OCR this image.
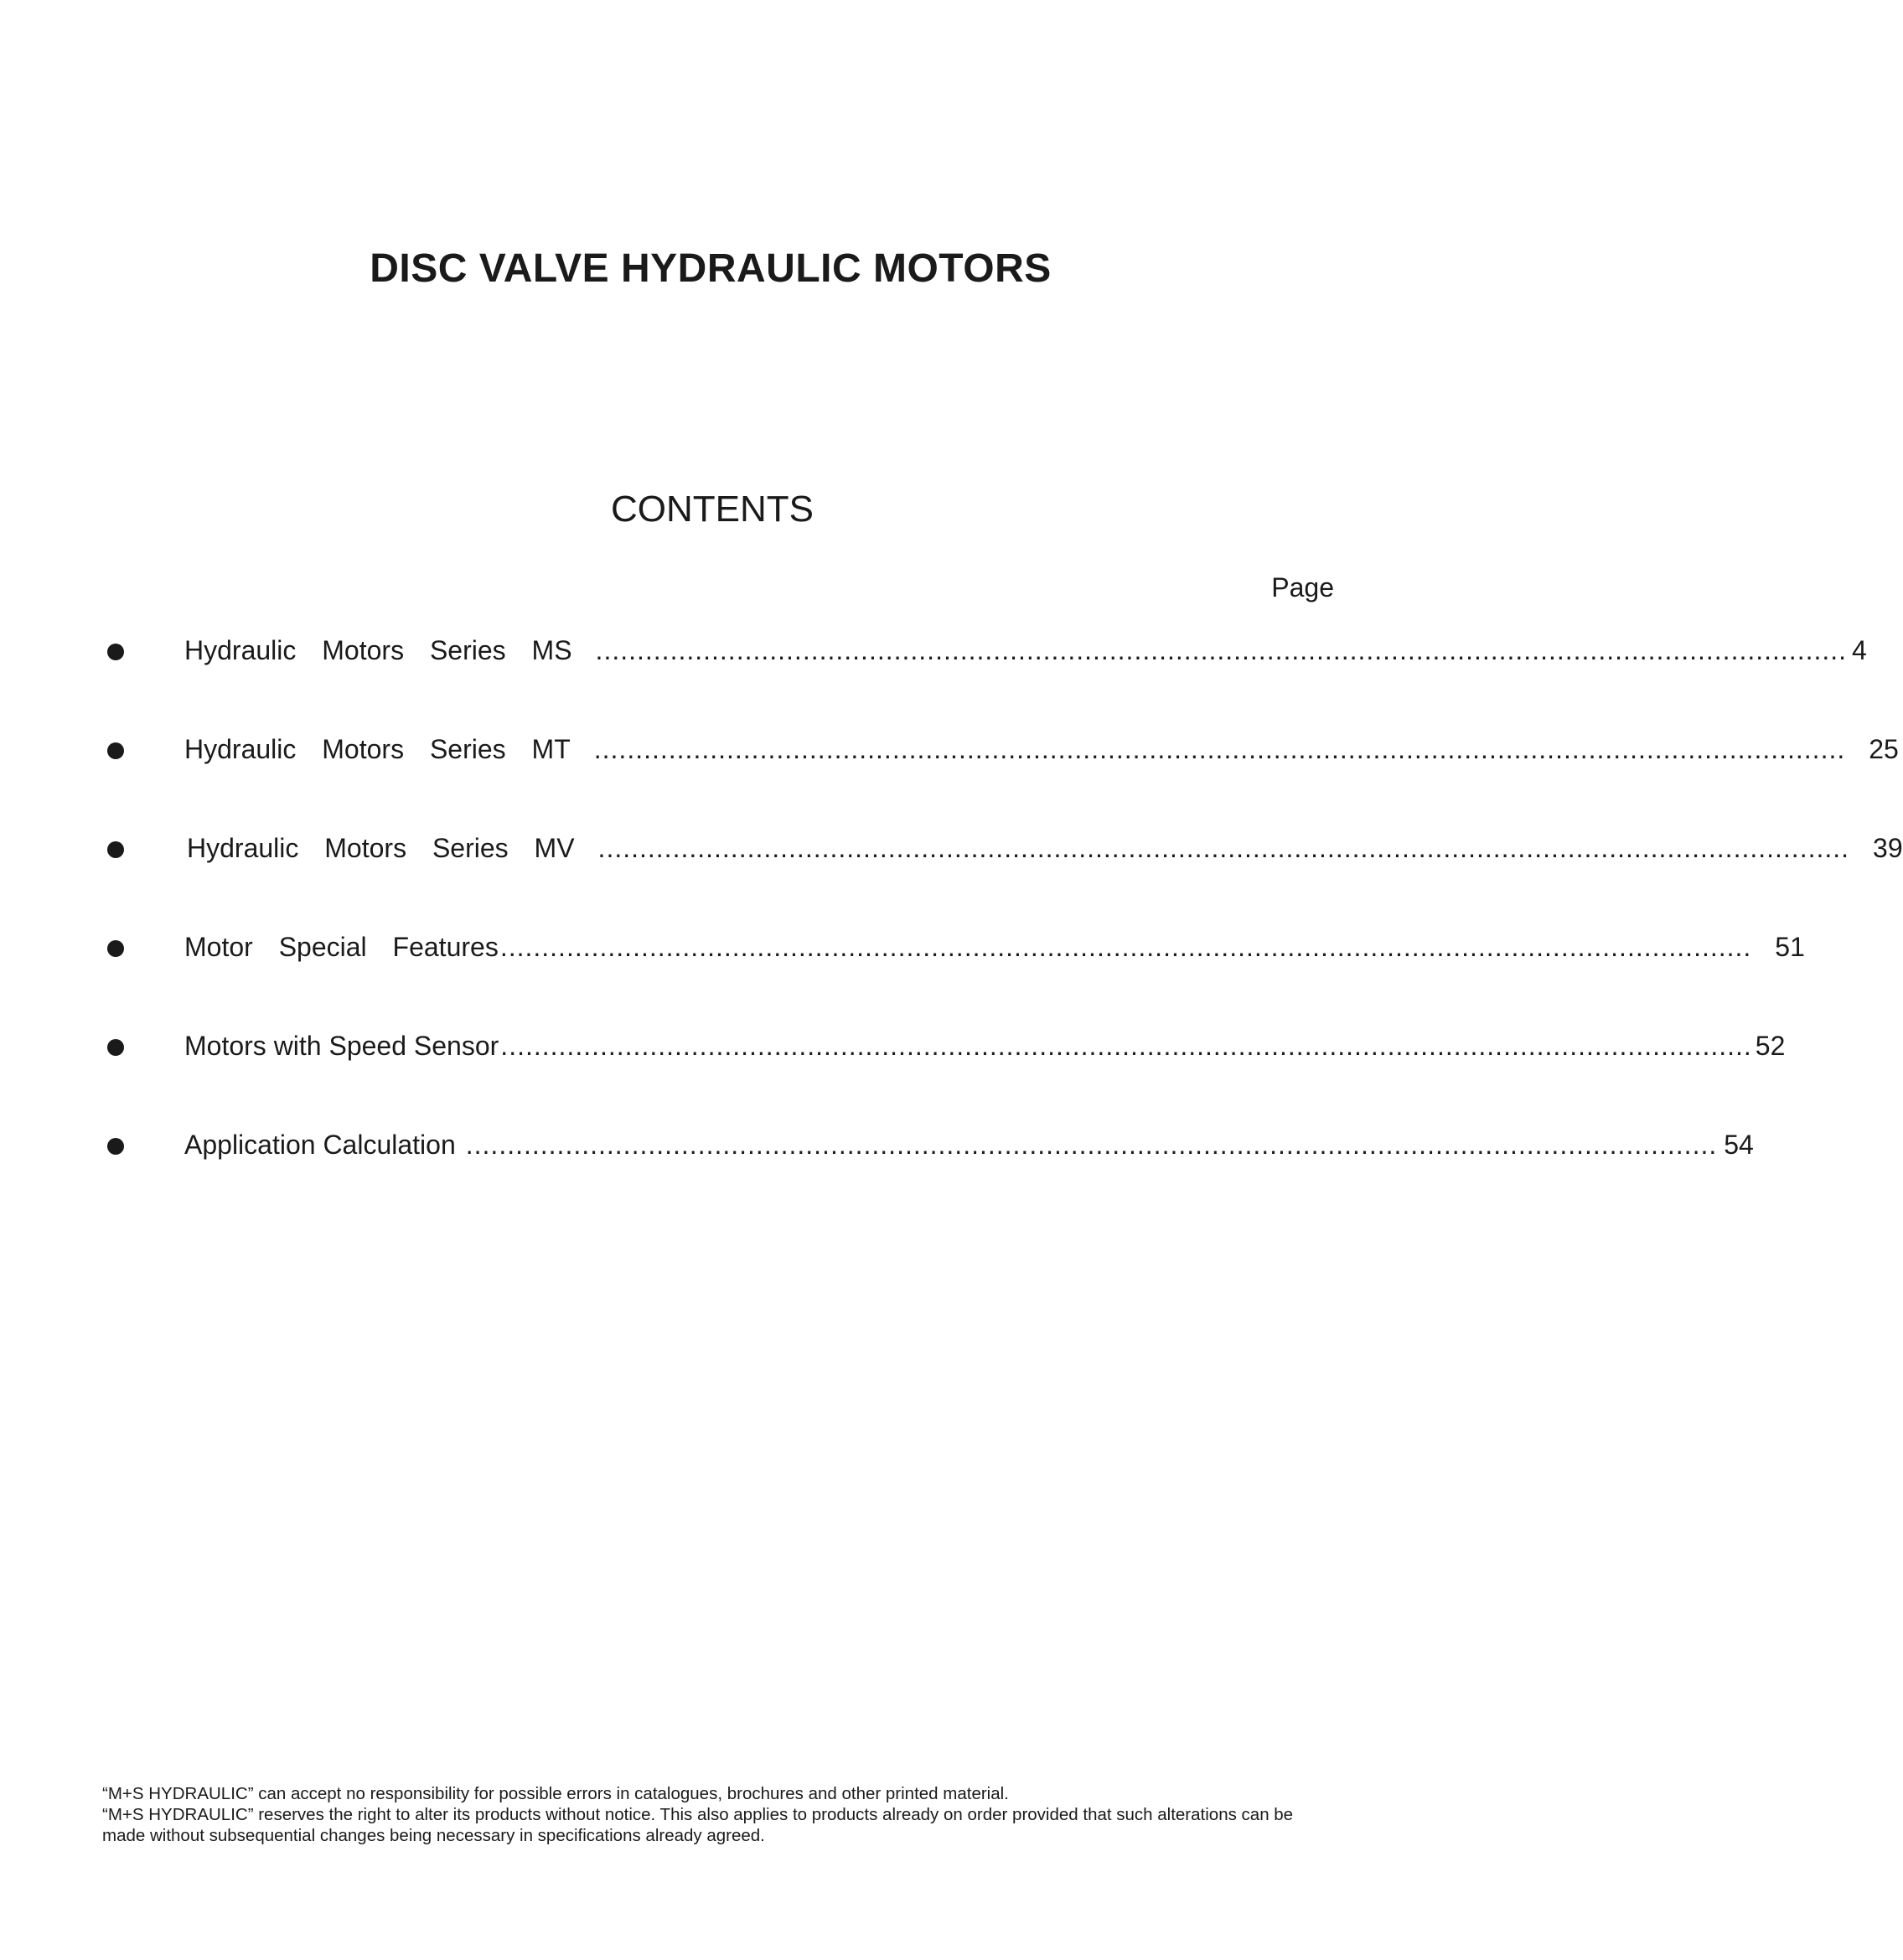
DISC VALVE HYDRAULIC MOTORS
CONTENTS
Page
Hydraulic Motors Series MS ....................................................................................................................................................... 4
Hydraulic Motors Series MT ....................................................................................................................................................... 25
Hydraulic Motors Series MV ....................................................................................................................................................... 39
Motor Special Features ....................................................................................................................................................... 51
Motors with Speed Sensor ....................................................................................................................................................... 52
Application Calculation ....................................................................................................................................................... 54

“M+S HYDRAULIC” can accept no responsibility for possible errors in catalogues, brochures and other printed material.

“M+S HYDRAULIC” reserves the right to alter its products without notice. This also applies to products already on order provided that such alterations can be made without subsequential changes being necessary in specifications already agreed.
